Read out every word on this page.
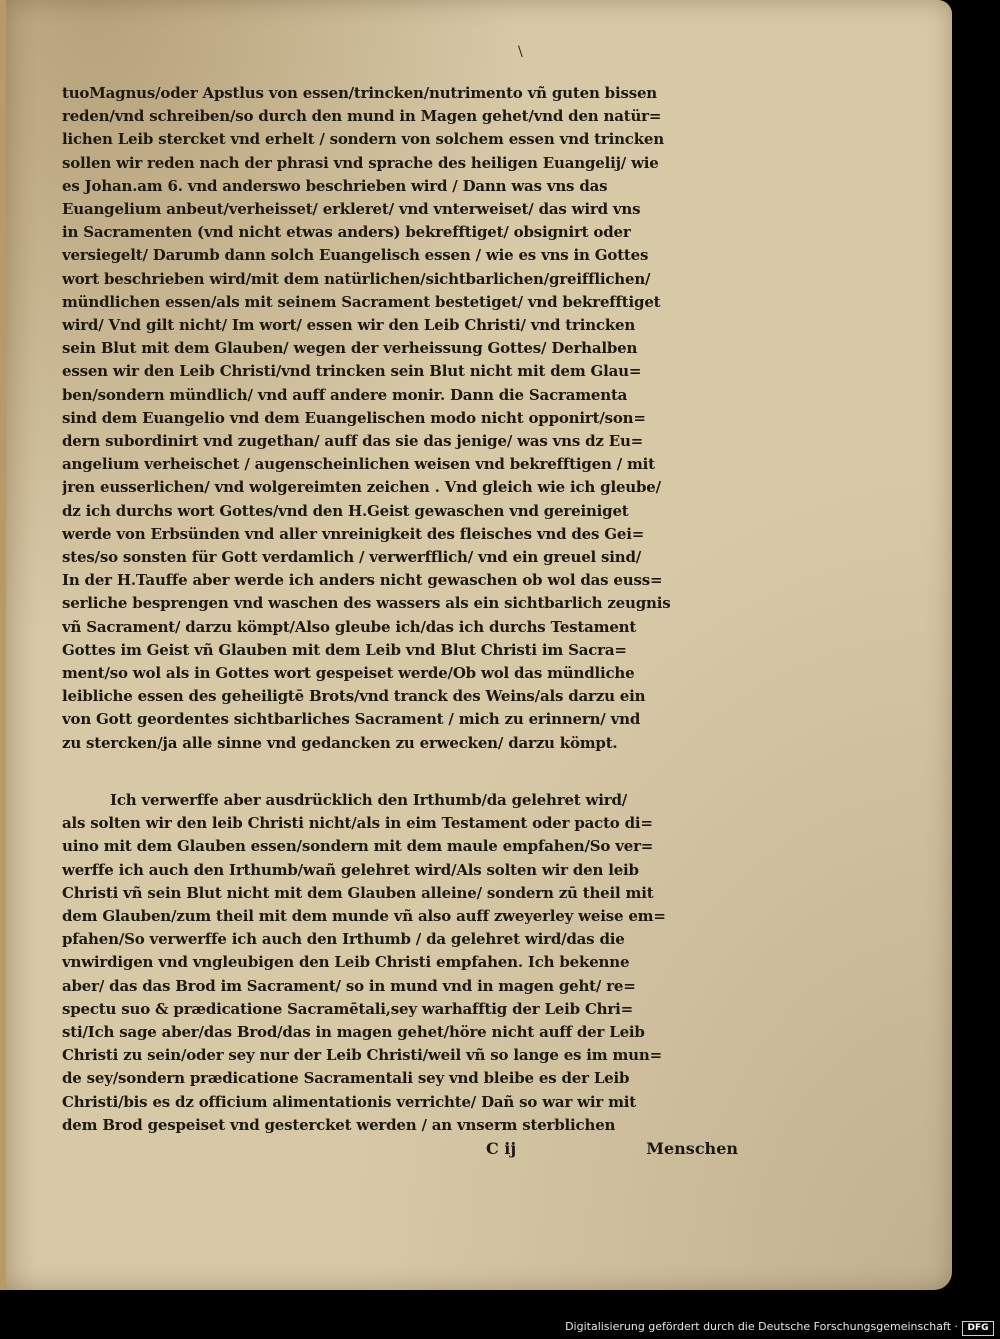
\
tuoMagnus/oder Apstlus von essen/trincken/nutrimento vñ guten bissen
reden/vnd schreiben/so durch den mund in Magen gehet/vnd den natür=
lichen Leib stercket vnd erhelt / sondern von solchem essen vnd trincken
sollen wir reden nach der phrasi vnd sprache des heiligen Euangelij/ wie
es Johan.am 6. vnd anderswo beschrieben wird / Dann was vns das
Euangelium anbeut/verheisset/ erkleret/ vnd vnterweiset/ das wird vns
in Sacramenten (vnd nicht etwas anders) bekrefftiget/ obsignirt oder
versiegelt/ Darumb dann solch Euangelisch essen / wie es vns in Gottes
wort beschrieben wird/mit dem natürlichen/sichtbarlichen/greifflichen/
mündlichen essen/als mit seinem Sacrament bestetiget/ vnd bekrefftiget
wird/ Vnd gilt nicht/ Im wort/ essen wir den Leib Christi/ vnd trincken
sein Blut mit dem Glauben/ wegen der verheissung Gottes/ Derhalben
essen wir den Leib Christi/vnd trincken sein Blut nicht mit dem Glau=
ben/sondern mündlich/ vnd auff andere monir. Dann die Sacramenta
sind dem Euangelio vnd dem Euangelischen modo nicht opponirt/son=
dern subordinirt vnd zugethan/ auff das sie das jenige/ was vns dz Eu=
angelium verheischet / augenscheinlichen weisen vnd bekrefftigen / mit
jren eusserlichen/ vnd wolgereimten zeichen . Vnd gleich wie ich gleube/
dz ich durchs wort Gottes/vnd den H.Geist gewaschen vnd gereiniget
werde von Erbsünden vnd aller vnreinigkeit des fleisches vnd des Gei=
stes/so sonsten für Gott verdamlich / verwerfflich/ vnd ein greuel sind/
In der H.Tauffe aber werde ich anders nicht gewaschen ob wol das euss=
serliche besprengen vnd waschen des wassers als ein sichtbarlich zeugnis
vñ Sacrament/ darzu kömpt/Also gleube ich/das ich durchs Testament
Gottes im Geist vñ Glauben mit dem Leib vnd Blut Christi im Sacra=
ment/so wol als in Gottes wort gespeiset werde/Ob wol das mündliche
leibliche essen des geheiligtē Brots/vnd tranck des Weins/als darzu ein
von Gott geordentes sichtbarliches Sacrament / mich zu erinnern/ vnd
zu stercken/ja alle sinne vnd gedancken zu erwecken/ darzu kömpt.
Ich verwerffe aber ausdrücklich den Irthumb/da gelehret wird/
als solten wir den leib Christi nicht/als in eim Testament oder pacto di=
uino mit dem Glauben essen/sondern mit dem maule empfahen/So ver=
werffe ich auch den Irthumb/wañ gelehret wird/Als solten wir den leib
Christi vñ sein Blut nicht mit dem Glauben alleine/ sondern zū theil mit
dem Glauben/zum theil mit dem munde vñ also auff zweyerley weise em=
pfahen/So verwerffe ich auch den Irthumb / da gelehret wird/das die
vnwirdigen vnd vngleubigen den Leib Christi empfahen. Ich bekenne
aber/ das das Brod im Sacrament/ so in mund vnd in magen geht/ re=
spectu suo & prædicatione Sacramētali,sey warhafftig der Leib Chri=
sti/Ich sage aber/das Brod/das in magen gehet/höre nicht auff der Leib
Christi zu sein/oder sey nur der Leib Christi/weil vñ so lange es im mun=
de sey/sondern prædicatione Sacramentali sey vnd bleibe es der Leib
Christi/bis es dz officium alimentationis verrichte/ Dañ so war wir mit
dem Brod gespeiset vnd gestercket werden / an vnserm sterblichen
C ij	Menschen
Digitalisierung gefördert durch die Deutsche Forschungsgemeinschaft ·	DFG
